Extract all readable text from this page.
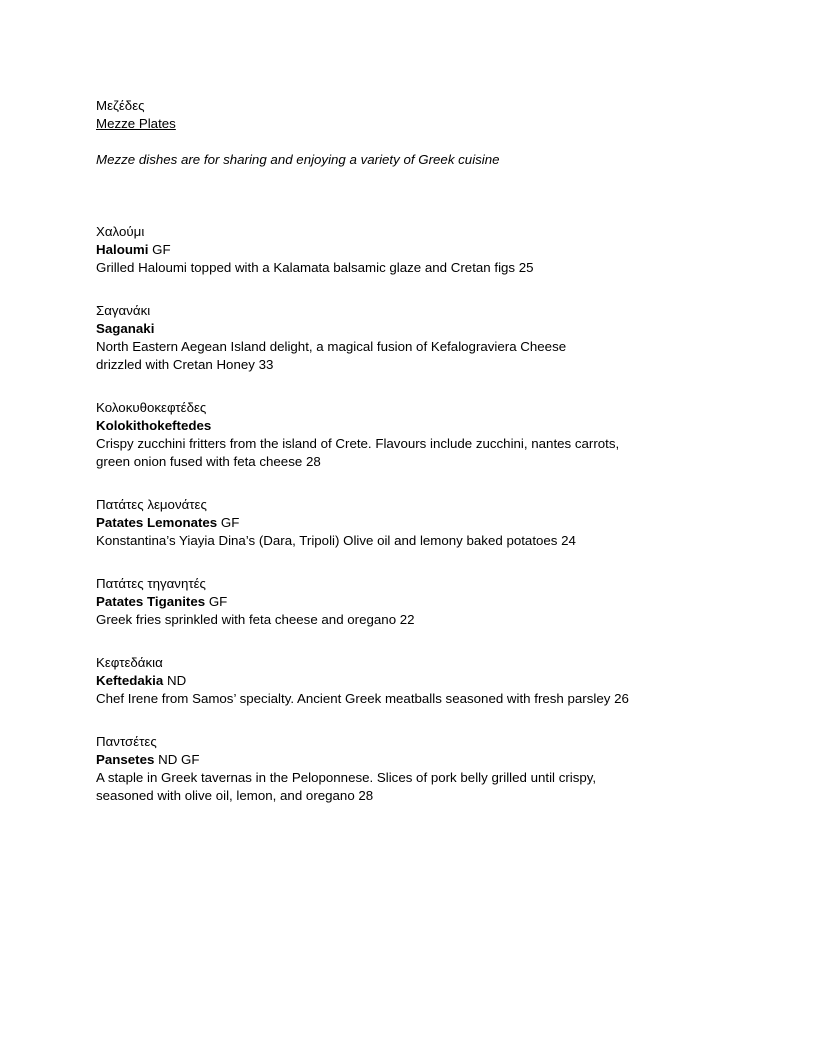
Μεζέδες
Mezze Plates
Mezze dishes are for sharing and enjoying a variety of Greek cuisine
Χαλούμι
Haloumi GF
Grilled Haloumi topped with a Kalamata balsamic glaze and Cretan figs 25
Σαγανάκι
Saganaki
North Eastern Aegean Island delight, a magical fusion of Kefalograviera Cheese
drizzled with Cretan Honey 33
Κολοκυθοκεφτέδες
Kolokithokeftedes
Crispy zucchini fritters from the island of Crete. Flavours include zucchini, nantes carrots,
green onion fused with feta cheese 28
Πατάτες λεμονάτες
Patates Lemonates GF
Konstantina’s Yiayia Dina’s (Dara, Tripoli) Olive oil and lemony baked potatoes 24
Πατάτες τηγανητές
Patates Tiganites GF
Greek fries sprinkled with feta cheese and oregano 22
Κεφτεδάκια
Keftedakia ND
Chef Irene from Samos’ specialty. Ancient Greek meatballs seasoned with fresh parsley 26
Παντσέτες
Pansetes ND GF
A staple in Greek tavernas in the Peloponnese. Slices of pork belly grilled until crispy,
seasoned with olive oil, lemon, and oregano 28
